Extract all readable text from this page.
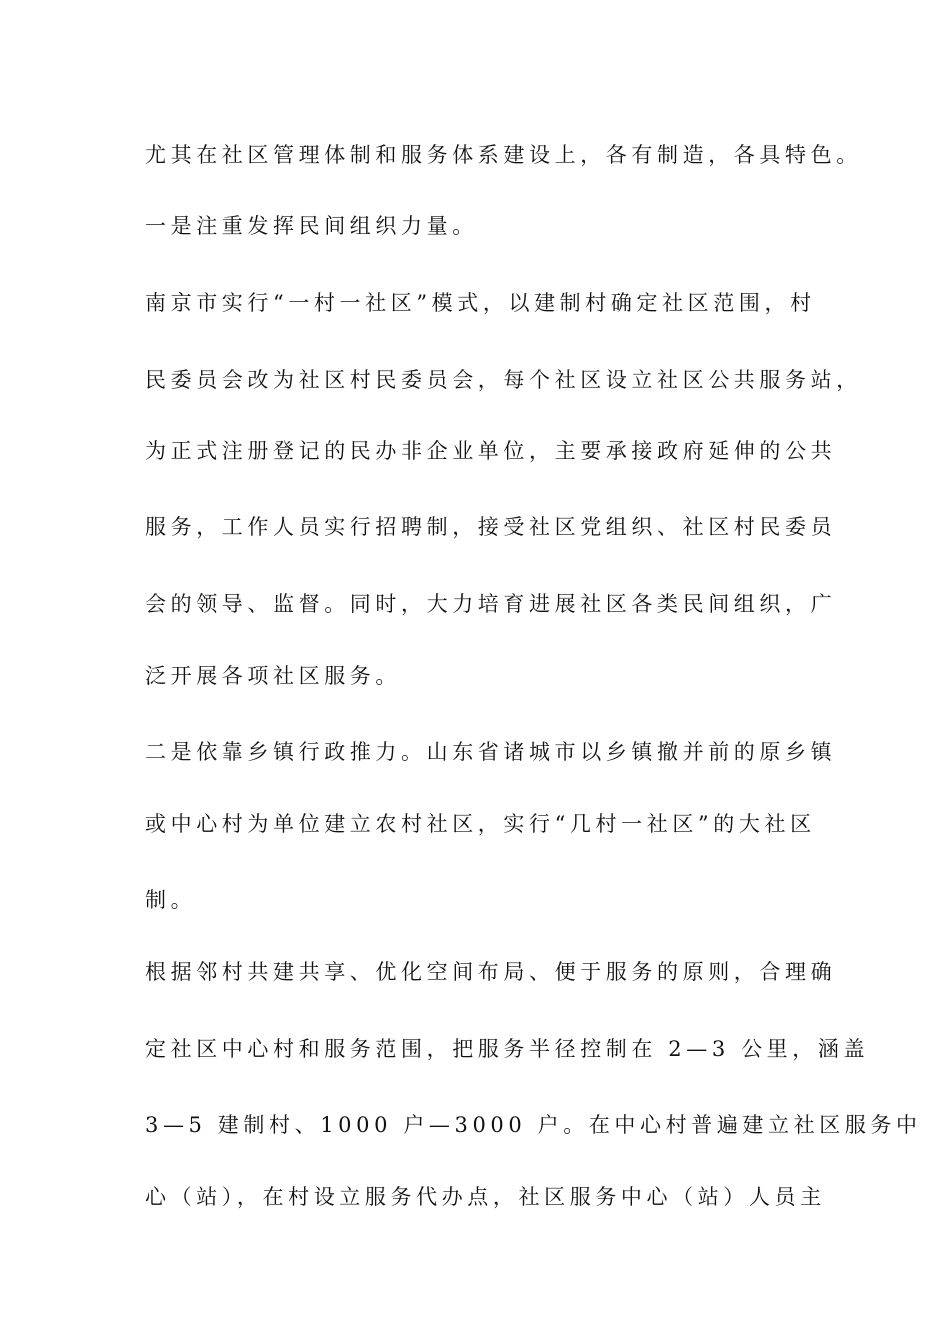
尤其在社区管理体制和服务体系建设上，各有制造，各具特色。
一是注重发挥民间组织力量。
南京市实行“一村一社区”模式，以建制村确定社区范围，村
民委员会改为社区村民委员会，每个社区设立社区公共服务站，
为正式注册登记的民办非企业单位，主要承接政府延伸的公共
服务，工作人员实行招聘制，接受社区党组织、社区村民委员
会的领导、监督。同时，大力培育进展社区各类民间组织，广
泛开展各项社区服务。
二是依靠乡镇行政推力。山东省诸城市以乡镇撤并前的原乡镇
或中心村为单位建立农村社区，实行“几村一社区”的大社区
制。
根据邻村共建共享、优化空间布局、便于服务的原则，合理确
定社区中心村和服务范围，把服务半径控制在 2—3 公里，涵盖
3—5 建制村、1000 户—3000 户。在中心村普遍建立社区服务中
心（站），在村设立服务代办点，社区服务中心（站）人员主
